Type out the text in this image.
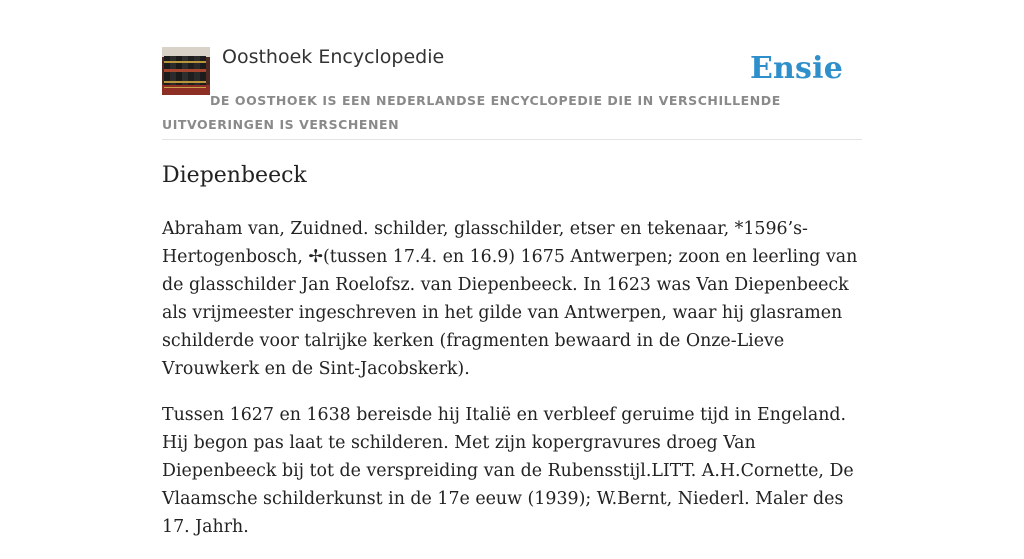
Oosthoek Encyclopedie	Ensie
DE OOSTHOEK IS EEN NEDERLANDSE ENCYCLOPEDIE DIE IN VERSCHILLENDE UITVOERINGEN IS VERSCHENEN
Diepenbeeck

Abraham van, Zuidned. schilder, glasschilder, etser en tekenaar, *1596’s-Hertogenbosch, ✢(tussen 17.4. en 16.9) 1675 Antwerpen; zoon en leerling van de glasschilder Jan Roelofsz. van Diepenbeeck. In 1623 was Van Diepenbeeck als vrijmeester ingeschreven in het gilde van Antwerpen, waar hij glasramen schilderde voor talrijke kerken (fragmenten bewaard in de Onze-Lieve Vrouwkerk en de Sint-Jacobskerk).

Tussen 1627 en 1638 bereisde hij Italië en verbleef geruime tijd in Engeland. Hij begon pas laat te schilderen. Met zijn kopergravures droeg Van Diepenbeeck bij tot de verspreiding van de Rubensstijl.LITT. A.H.Cornette, De Vlaamsche schilderkunst in de 17e eeuw (1939); W.Bernt, Niederl. Maler des 17. Jahrh.
